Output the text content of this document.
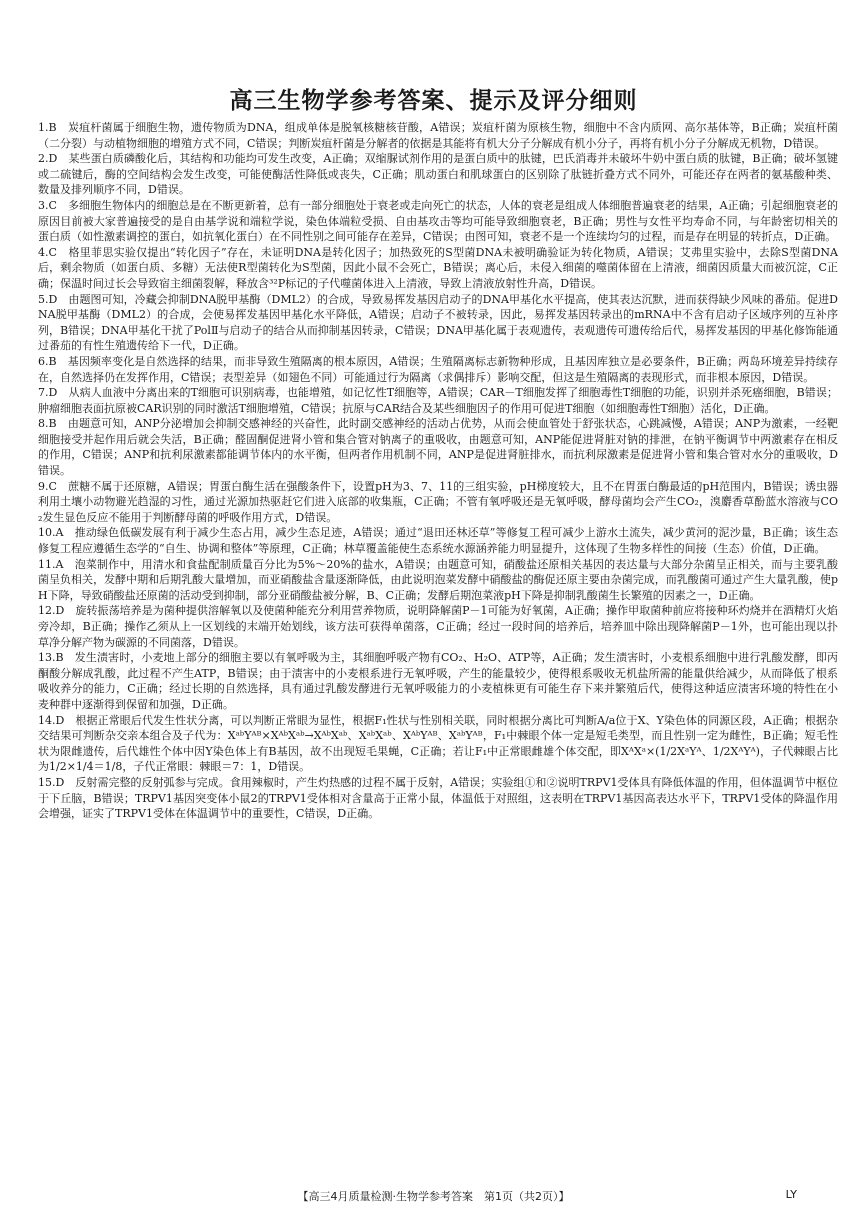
高三生物学参考答案、提示及评分细则

1.B　 炭疽杆菌属于细胞生物，遗传物质为DNA，组成单体是脱氧核糖核苷酸，A错误；炭疽杆菌为原核生物，细胞中不含内质网、高尔基体等，B正确；炭疽杆菌（二分裂）与动植物细胞的增殖方式不同，C错误；判断炭疽杆菌是分解者的依据是其能将有机大分子分解成有机小分子，再将有机小分子分解成无机物，D错误。

2.D　 某些蛋白质磷酸化后，其结构和功能均可发生改变，A正确；双缩脲试剂作用的是蛋白质中的肽键，巴氏消毒并未破坏牛奶中蛋白质的肽键，B正确；破坏氢键或二硫键后，酶的空间结构会发生改变，可能使酶活性降低或丧失，C正确；肌动蛋白和肌球蛋白的区别除了肽链折叠方式不同外，可能还存在两者的氨基酸种类、数量及排列顺序不同，D错误。

3.C　 多细胞生物体内的细胞总是在不断更新着，总有一部分细胞处于衰老或走向死亡的状态，人体的衰老是组成人体细胞普遍衰老的结果，A正确；引起细胞衰老的原因目前被大家普遍接受的是自由基学说和端粒学说，染色体端粒受损、自由基攻击等均可能导致细胞衰老，B正确；男性与女性平均寿命不同，与年龄密切相关的蛋白质（如性激素调控的蛋白，如抗氧化蛋白）在不同性别之间可能存在差异，C错误；由图可知，衰老不是一个连续均匀的过程，而是存在明显的转折点，D正确。

4.C　 格里菲思实验仅提出“转化因子”存在，未证明DNA是转化因子；加热致死的S型菌DNA未被明确验证为转化物质，A错误；艾弗里实验中，去除S型菌DNA后，剩余物质（如蛋白质、多糖）无法使R型菌转化为S型菌，因此小鼠不会死亡，B错误；离心后，未侵入细菌的噬菌体留在上清液，细菌因质量大而被沉淀，C正确；保温时间过长会导致宿主细菌裂解，释放含³²P标记的子代噬菌体进入上清液，导致上清液放射性升高，D错误。

5.D　 由题图可知，冷藏会抑制DNA脱甲基酶（DML2）的合成，导致易挥发基因启动子的DNA甲基化水平提高，使其表达沉默，进而获得缺少风味的番茄。促进DNA脱甲基酶（DML2）的合成，会使易挥发基因甲基化水平降低，A错误；启动子不被转录，因此，易挥发基因转录出的mRNA中不含有启动子区域序列的互补序列，B错误；DNA甲基化干扰了PolⅡ与启动子的结合从而抑制基因转录，C错误；DNA甲基化属于表观遗传，表观遗传可遗传给后代，易挥发基因的甲基化修饰能通过番茄的有性生殖遗传给下一代，D正确。

6.B　 基因频率变化是自然选择的结果，而非导致生殖隔离的根本原因，A错误；生殖隔离标志新物种形成，且基因库独立是必要条件，B正确；两岛环境差异持续存在，自然选择仍在发挥作用，C错误；表型差异（如翅色不同）可能通过行为隔离（求偶排斥）影响交配，但这是生殖隔离的表现形式，而非根本原因，D错误。

7.D　 从病人血液中分离出来的T细胞可识别病毒，也能增殖，如记忆性T细胞等，A错误；CAR－T细胞发挥了细胞毒性T细胞的功能，识别并杀死癌细胞，B错误；肿瘤细胞表面抗原被CAR识别的同时激活T细胞增殖，C错误；抗原与CAR结合及某些细胞因子的作用可促进T细胞（如细胞毒性T细胞）活化，D正确。

8.B　 由题意可知，ANP分泌增加会抑制交感神经的兴奋性，此时副交感神经的活动占优势，从而会使血管处于舒张状态，心跳减慢，A错误；ANP为激素，一经靶细胞接受并起作用后就会失活，B正确；醛固酮促进肾小管和集合管对钠离子的重吸收，由题意可知，ANP能促进肾脏对钠的排泄，在钠平衡调节中两激素存在相反的作用，C错误；ANP和抗利尿激素都能调节体内的水平衡，但两者作用机制不同，ANP是促进肾脏排水，而抗利尿激素是促进肾小管和集合管对水分的重吸收，D错误。

9.C　 蔗糖不属于还原糖，A错误；胃蛋白酶生活在强酸条件下，设置pH为3、7、11的三组实验，pH梯度较大，且不在胃蛋白酶最适的pH范围内，B错误；诱虫器利用土壤小动物避光趋湿的习性，通过光源加热驱赶它们进入底部的收集瓶，C正确；不管有氧呼吸还是无氧呼吸，酵母菌均会产生CO₂，溴麝香草酚蓝水溶液与CO₂发生显色反应不能用于判断酵母菌的呼吸作用方式，D错误。

10.A　 推动绿色低碳发展有利于减少生态占用，减少生态足迹，A错误；通过“退田还林还草”等修复工程可减少上游水土流失，减少黄河的泥沙量，B正确；该生态修复工程应遵循生态学的“自生、协调和整体”等原理，C正确；林草覆盖能使生态系统水源涵养能力明显提升，这体现了生物多样性的间接（生态）价值，D正确。

11.A　 泡菜制作中，用清水和食盐配制质量百分比为5%～20%的盐水，A错误；由题意可知，硝酸盐还原相关基因的表达量与大部分杂菌呈正相关，而与主要乳酸菌呈负相关，发酵中期和后期乳酸大量增加，而亚硝酸盐含量逐渐降低，由此说明泡菜发酵中硝酸盐的酶促还原主要由杂菌完成，而乳酸菌可通过产生大量乳酸，使pH下降，导致硝酸盐还原菌的活动受到抑制，部分亚硝酸盐被分解，B、C正确；发酵后期泡菜液pH下降是抑制乳酸菌生长繁殖的因素之一，D正确。

12.D　 旋转振荡培养是为菌种提供溶解氧以及使菌种能充分利用营养物质，说明降解菌P－1可能为好氧菌，A正确；操作甲取菌种前应将接种环灼烧并在酒精灯火焰旁冷却，B正确；操作乙须从上一区划线的末端开始划线，该方法可获得单菌落，C正确；经过一段时间的培养后，培养皿中除出现降解菌P－1外，也可能出现以扑草净分解产物为碳源的不同菌落，D错误。

13.B　 发生渍害时，小麦地上部分的细胞主要以有氧呼吸为主，其细胞呼吸产物有CO₂、H₂O、ATP等，A正确；发生渍害时，小麦根系细胞中进行乳酸发酵，即丙酮酸分解成乳酸，此过程不产生ATP，B错误；由于渍害中的小麦根系进行无氧呼吸，产生的能量较少，使得根系吸收无机盐所需的能量供给减少，从而降低了根系吸收养分的能力，C正确；经过长期的自然选择，具有通过乳酸发酵进行无氧呼吸能力的小麦植株更有可能生存下来并繁殖后代，使得这种适应渍害环境的特性在小麦种群中逐渐得到保留和加强，D正确。

14.D　 根据正常眼后代发生性状分离，可以判断正常眼为显性，根据F₁性状与性别相关联，同时根据分离比可判断A/a位于X、Y染色体的同源区段，A正确；根据杂交结果可判断杂交亲本组合及子代为：XᵃᵇYᴬᴮ×XᴬᵇXᵃᵇ→XᴬᵇXᵃᵇ、XᵃᵇXᵃᵇ、XᴬᵇYᴬᴮ、XᵃᵇYᴬᴮ，F₁中棘眼个体一定是短毛类型，而且性别一定为雌性，B正确；短毛性状为限雌遗传，后代雄性个体中因Y染色体上有B基因，故不出现短毛果蝇，C正确；若让F₁中正常眼雌雄个体交配，即XᴬXᵃ×(1/2XᵃYᴬ、1/2XᴬYᴬ)，子代棘眼占比为1/2×1/4＝1/8，子代正常眼：棘眼＝7：1，D错误。

15.D　 反射需完整的反射弧参与完成。食用辣椒时，产生灼热感的过程不属于反射，A错误；实验组①和②说明TRPV1受体具有降低体温的作用，但体温调节中枢位于下丘脑，B错误；TRPV1基因突变体小鼠2的TRPV1受体相对含量高于正常小鼠，体温低于对照组，这表明在TRPV1基因高表达水平下，TRPV1受体的降温作用会增强，证实了TRPV1受体在体温调节中的重要性，C错误，D正确。

【高三4月质量检测·生物学参考答案　第1页（共2页）】	LY
